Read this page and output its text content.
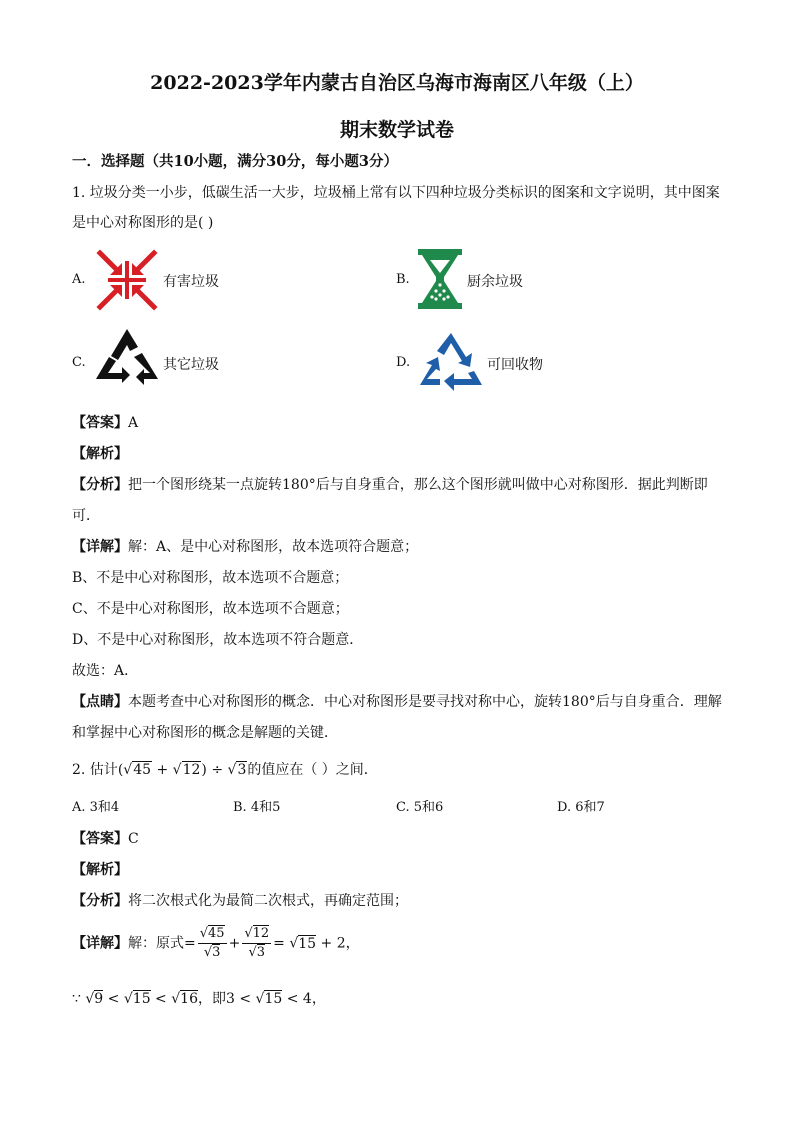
2022-2023学年内蒙古自治区乌海市海南区八年级（上）
期末数学试卷
一．选择题（共10小题，满分30分，每小题3分）
1. 垃圾分类一小步，低碳生活一大步，垃圾桶上常有以下四种垃圾分类标识的图案和文字说明，其中图案
是中心对称图形的是( )
A.	有害垃圾	B.	厨余垃圾
C.	其它垃圾	D.	可回收物
【答案】A
【解析】
【分析】把一个图形绕某一点旋转180°后与自身重合，那么这个图形就叫做中心对称图形．据此判断即
可．
【详解】解：A、是中心对称图形，故本选项符合题意；
B、不是中心对称图形，故本选项不合题意；
C、不是中心对称图形，故本选项不合题意；
D、不是中心对称图形，故本选项不符合题意．
故选：A．
【点睛】本题考查中心对称图形的概念．中心对称图形是要寻找对称中心，旋转180°后与自身重合．理解
和掌握中心对称图形的概念是解题的关键．
2. 估计(√45 + √12) ÷ √3的值应在（ ）之间．
A. 3和4	B. 4和5	C. 5和6	D. 6和7
【答案】C
【解析】
【分析】将二次根式化为最简二次根式，再确定范围；
【详解】解：原式= $\frac{√45}{√3} + \frac{√12}{√3} = √15 + 2$，
∵ √9 < √15 < √16，即3 < √15 < 4，
